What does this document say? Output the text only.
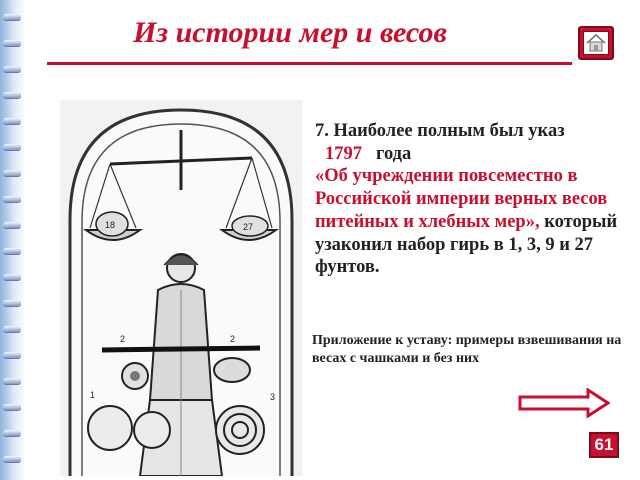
Из истории мер и весов
18	27
1
2
2
3
7. Наиболее полным был указ
1797 года
«Об учреждении повсеместно в Российской империи верных весов питейных и хлебных мер», который узаконил набор гирь в 1, 3, 9 и 27 фунтов.
Приложение к уставу: примеры взвешивания на весах с чашками и без них
61
